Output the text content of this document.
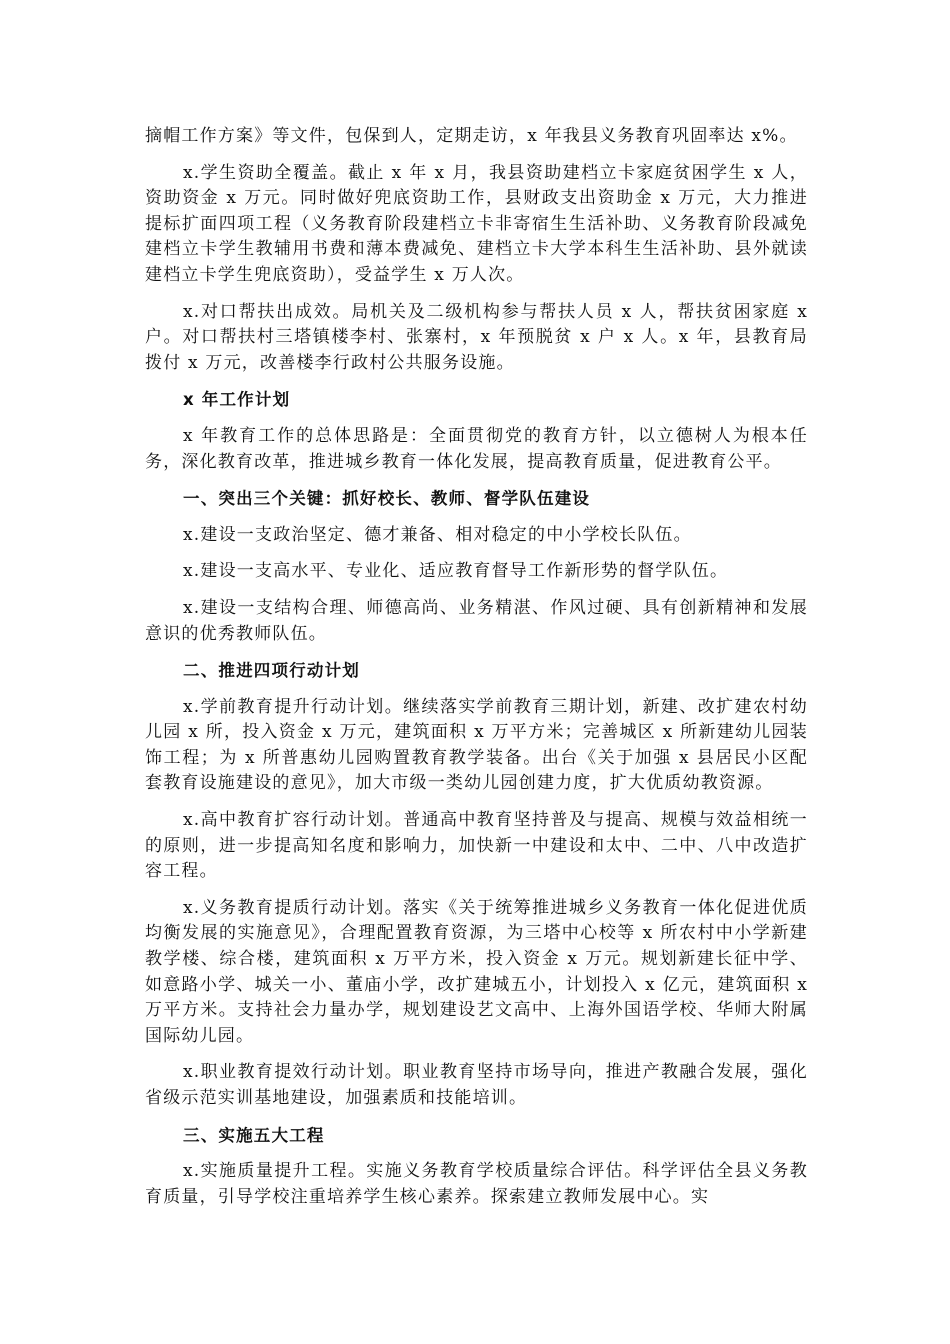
摘帽工作方案》等文件，包保到人，定期走访，x 年我县义务教育巩固率达 x%。

x.学生资助全覆盖。截止 x 年 x 月，我县资助建档立卡家庭贫困学生 x 人，资助资金 x 万元。同时做好兜底资助工作，县财政支出资助金 x 万元，大力推进提标扩面四项工程（义务教育阶段建档立卡非寄宿生生活补助、义务教育阶段减免建档立卡学生教辅用书费和薄本费减免、建档立卡大学本科生生活补助、县外就读建档立卡学生兜底资助），受益学生 x 万人次。

x.对口帮扶出成效。局机关及二级机构参与帮扶人员 x 人，帮扶贫困家庭 x 户。对口帮扶村三塔镇楼李村、张寨村，x 年预脱贫 x 户 x 人。x 年，县教育局拨付 x 万元，改善楼李行政村公共服务设施。

x 年工作计划

x 年教育工作的总体思路是：全面贯彻党的教育方针，以立德树人为根本任务，深化教育改革，推进城乡教育一体化发展，提高教育质量，促进教育公平。

一、突出三个关键：抓好校长、教师、督学队伍建设

x.建设一支政治坚定、德才兼备、相对稳定的中小学校长队伍。

x.建设一支高水平、专业化、适应教育督导工作新形势的督学队伍。

x.建设一支结构合理、师德高尚、业务精湛、作风过硬、具有创新精神和发展意识的优秀教师队伍。

二、推进四项行动计划

x.学前教育提升行动计划。继续落实学前教育三期计划，新建、改扩建农村幼儿园 x 所，投入资金 x 万元，建筑面积 x 万平方米；完善城区 x 所新建幼儿园装饰工程；为 x 所普惠幼儿园购置教育教学装备。出台《关于加强 x 县居民小区配套教育设施建设的意见》，加大市级一类幼儿园创建力度，扩大优质幼教资源。

x.高中教育扩容行动计划。普通高中教育坚持普及与提高、规模与效益相统一的原则，进一步提高知名度和影响力，加快新一中建设和太中、二中、八中改造扩容工程。

x.义务教育提质行动计划。落实《关于统筹推进城乡义务教育一体化促进优质均衡发展的实施意见》，合理配置教育资源，为三塔中心校等 x 所农村中小学新建教学楼、综合楼，建筑面积 x 万平方米，投入资金 x 万元。规划新建长征中学、如意路小学、城关一小、董庙小学，改扩建城五小，计划投入 x 亿元，建筑面积 x 万平方米。支持社会力量办学，规划建设艺文高中、上海外国语学校、华师大附属国际幼儿园。

x.职业教育提效行动计划。职业教育坚持市场导向，推进产教融合发展，强化省级示范实训基地建设，加强素质和技能培训。

三、实施五大工程

x.实施质量提升工程。实施义务教育学校质量综合评估。科学评估全县义务教育质量，引导学校注重培养学生核心素养。探索建立教师发展中心。实
